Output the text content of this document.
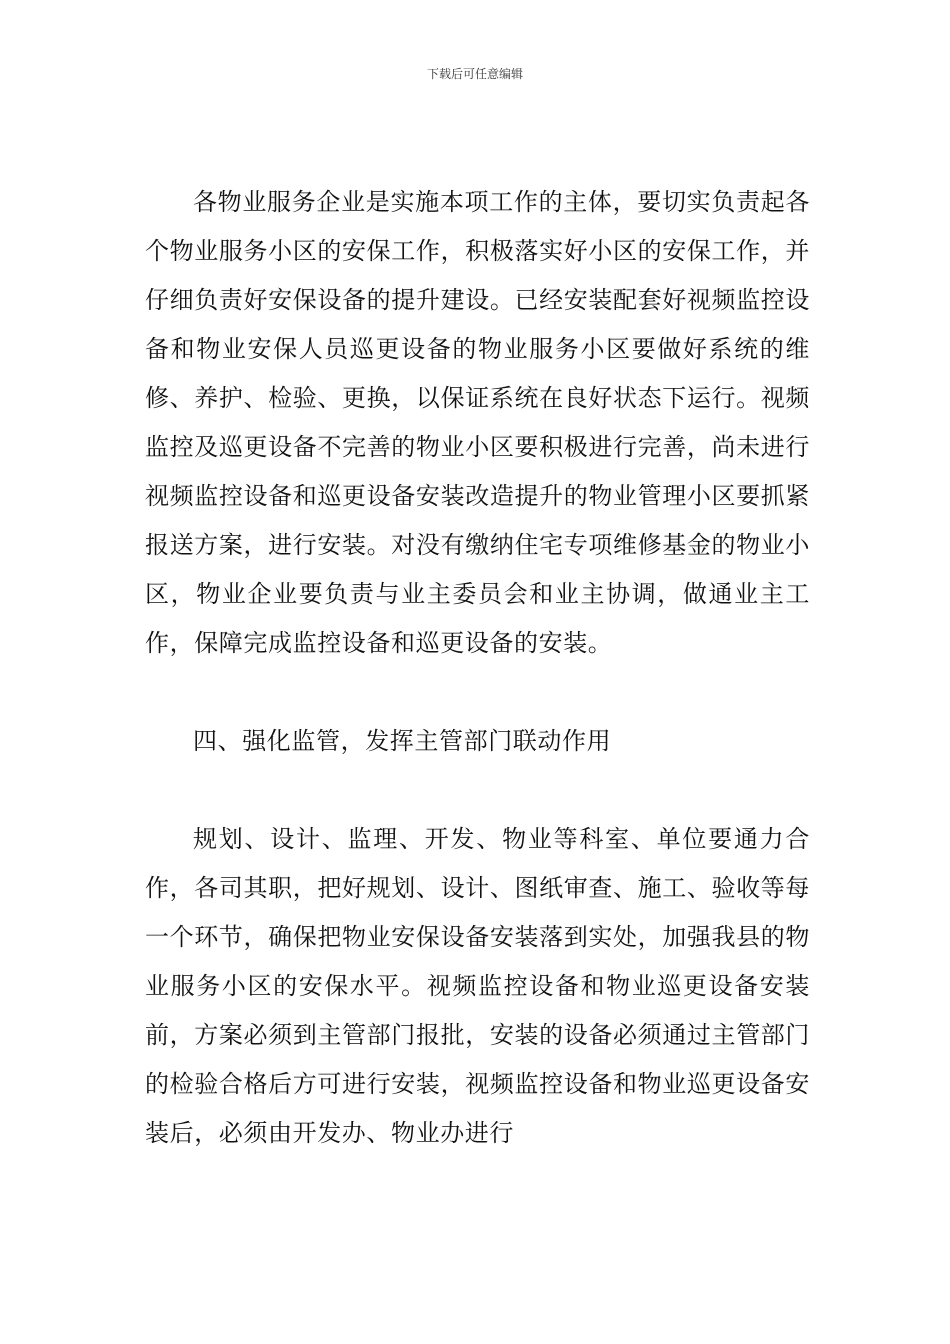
下载后可任意编辑

各物业服务企业是实施本项工作的主体，要切实负责起各个物业服务小区的安保工作，积极落实好小区的安保工作，并仔细负责好安保设备的提升建设。已经安装配套好视频监控设备和物业安保人员巡更设备的物业服务小区要做好系统的维修、养护、检验、更换，以保证系统在良好状态下运行。视频监控及巡更设备不完善的物业小区要积极进行完善，尚未进行视频监控设备和巡更设备安装改造提升的物业管理小区要抓紧报送方案，进行安装。对没有缴纳住宅专项维修基金的物业小区，物业企业要负责与业主委员会和业主协调，做通业主工作，保障完成监控设备和巡更设备的安装。

四、强化监管，发挥主管部门联动作用

规划、设计、监理、开发、物业等科室、单位要通力合作，各司其职，把好规划、设计、图纸审查、施工、验收等每一个环节，确保把物业安保设备安装落到实处，加强我县的物业服务小区的安保水平。视频监控设备和物业巡更设备安装前，方案必须到主管部门报批，安装的设备必须通过主管部门的检验合格后方可进行安装，视频监控设备和物业巡更设备安装后，必须由开发办、物业办进行
